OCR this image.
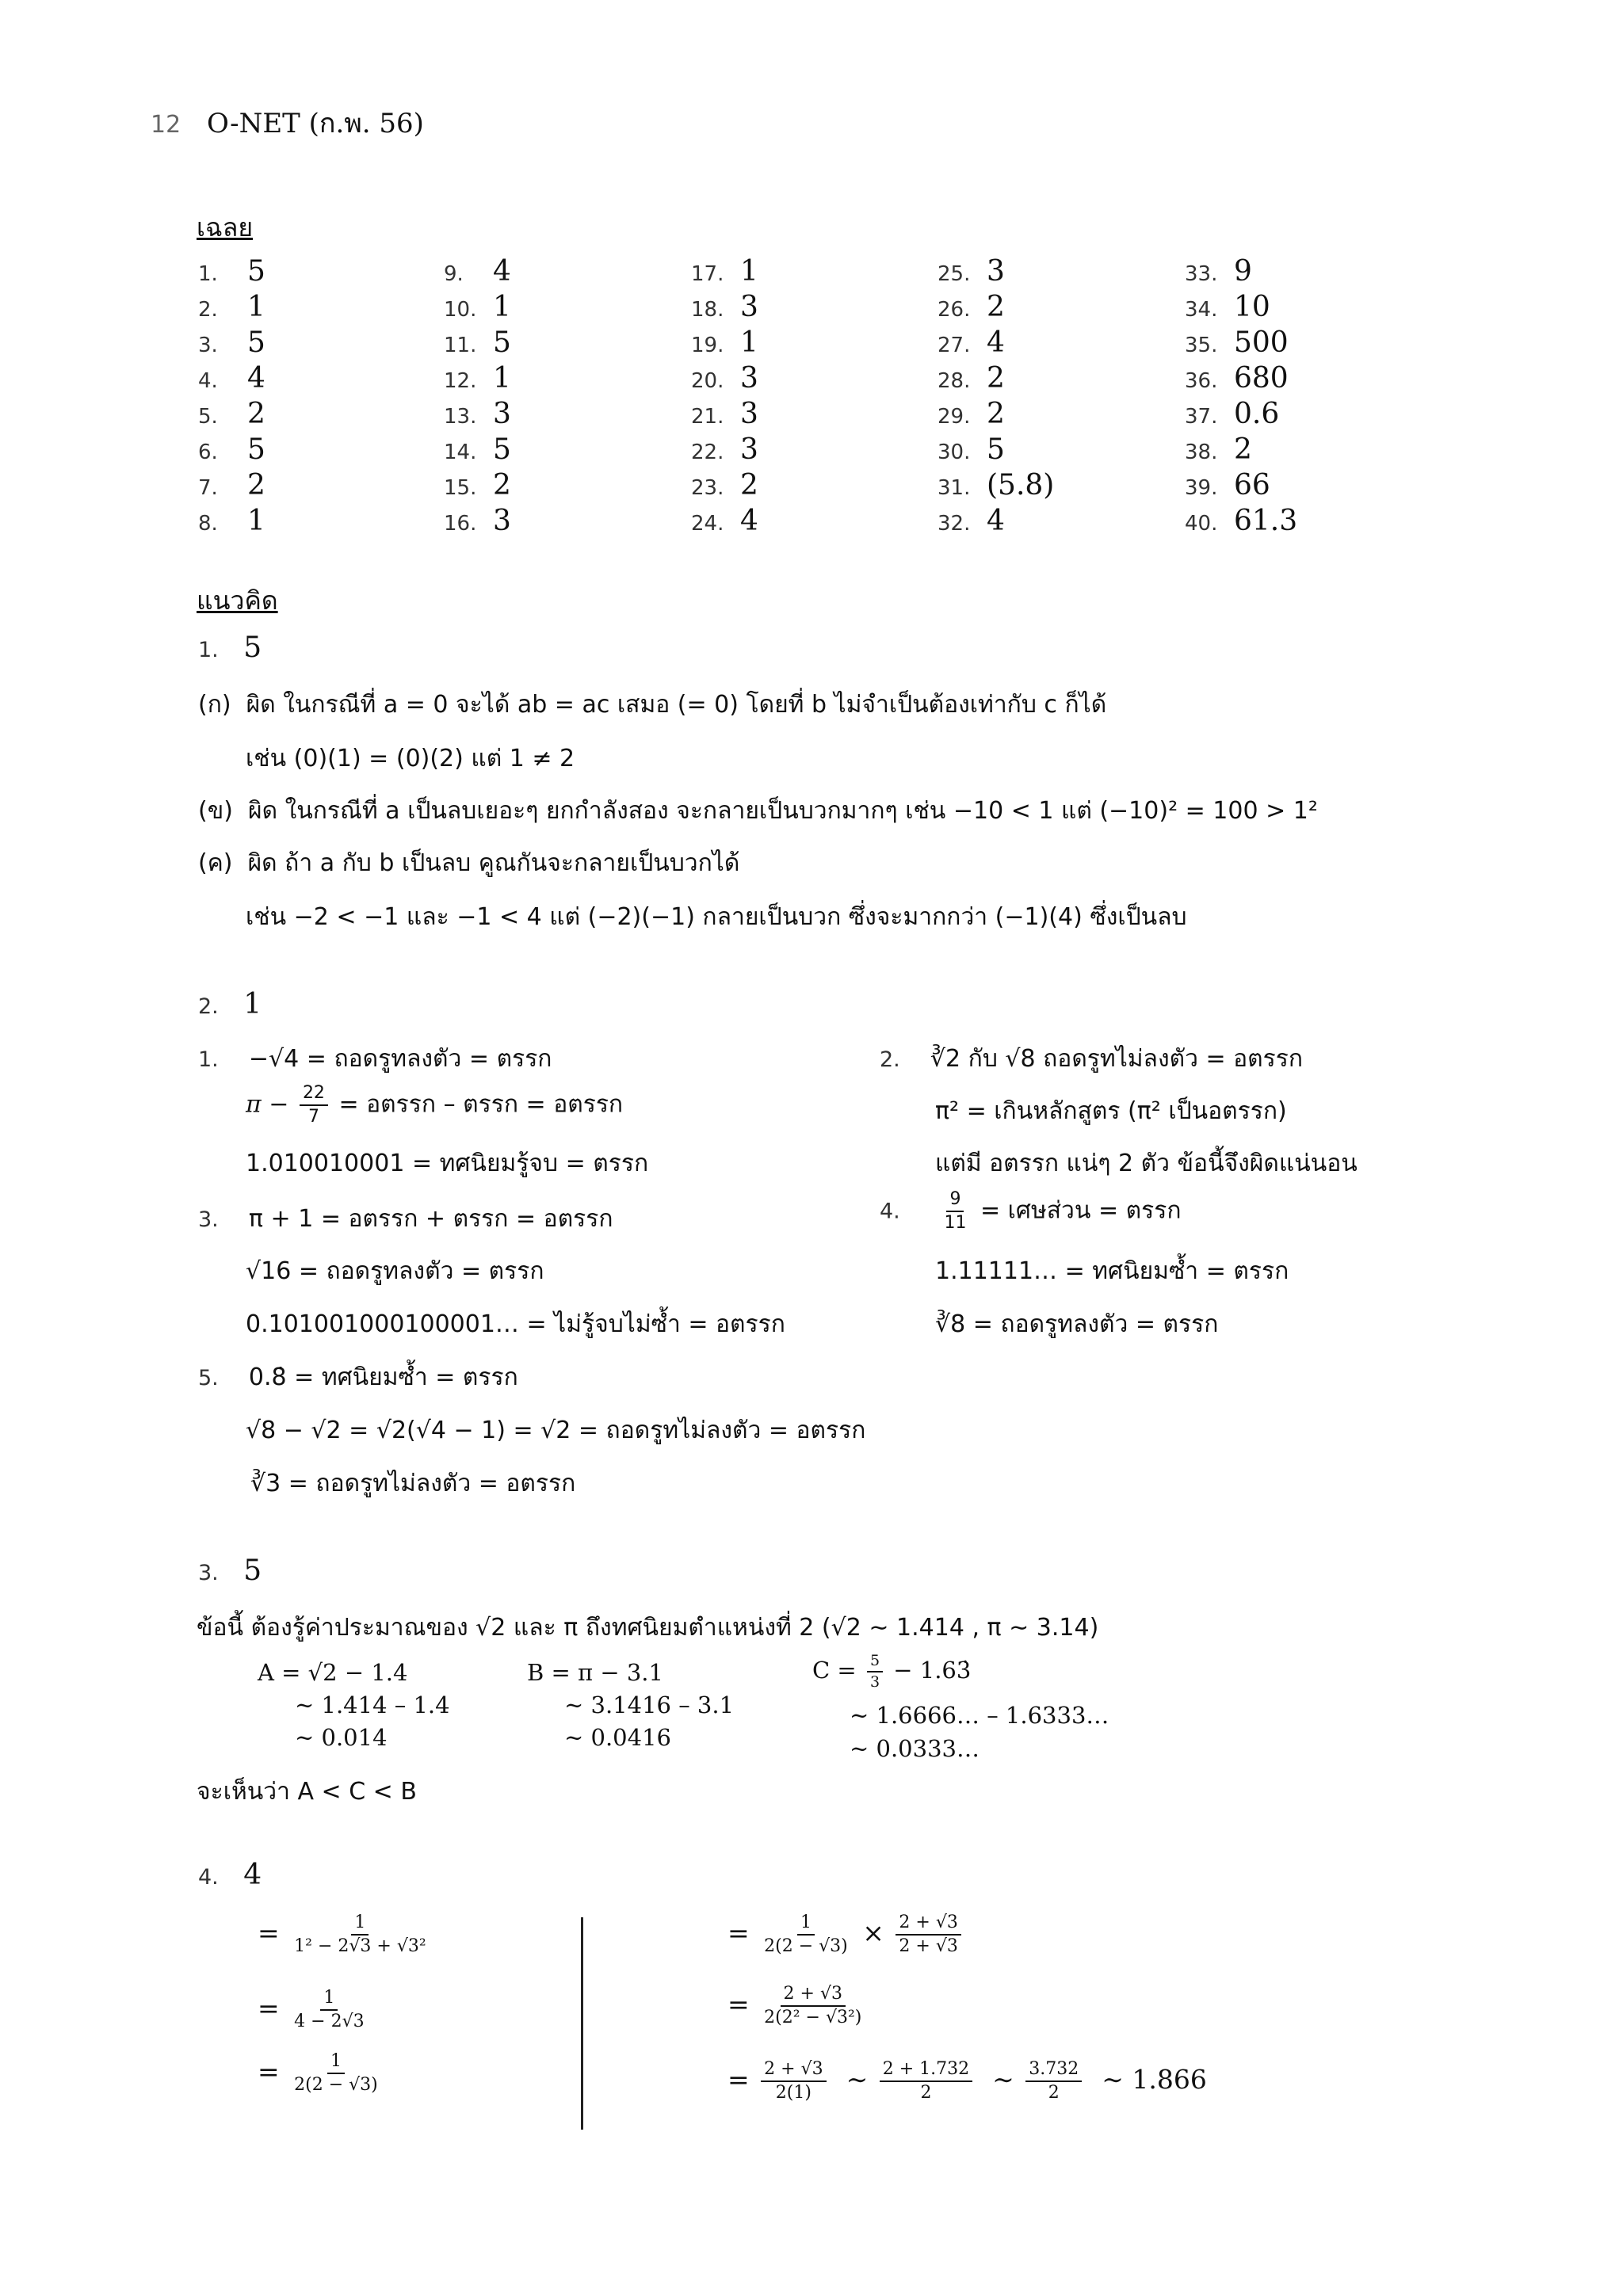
12 O-NET (ก.พ. 56)
เฉลย
1. 5
2. 1
3. 5
4. 4
5. 2
6. 5
7. 2
8. 1
9. 4
10. 1
11. 5
12. 1
13. 3
14. 5
15. 2
16. 3
17. 1
18. 3
19. 1
20. 3
21. 3
22. 3
23. 2
24. 4
25. 3
26. 2
27. 4
28. 2
29. 2
30. 5
31. (5.8)
32. 4
33. 9
34. 10
35. 500
36. 680
37. 0.6
38. 2
39. 66
40. 61.3
แนวคิด
1. 5
(ก) ผิด ในกรณีที่ a = 0 จะได้ ab = ac เสมอ (= 0) โดยที่ b ไม่จำเป็นต้องเท่ากับ c ก็ได้
เช่น (0)(1) = (0)(2) แต่ 1 ≠ 2
(ข) ผิด ในกรณีที่ a เป็นลบเยอะๆ ยกกำลังสอง จะกลายเป็นบวกมากๆ เช่น −10 < 1 แต่ (−10)² = 100 > 1²
(ค) ผิด ถ้า a กับ b เป็นลบ คูณกันจะกลายเป็นบวกได้
เช่น −2 < −1 และ −1 < 4 แต่ (−2)(−1) กลายเป็นบวก ซึ่งจะมากกว่า (−1)(4) ซึ่งเป็นลบ
2. 1
1. −√4 = ถอดรูทลงตัว = ตรรก
$\pi - \frac{22}{7}$ = อตรรก – ตรรก = อตรรก
1.010010001 = ทศนิยมรู้จบ = ตรรก
2. ∛2 กับ √8 ถอดรูทไม่ลงตัว = อตรรก
π² = เกินหลักสูตร (π² เป็นอตรรก)
แต่มี อตรรก แน่ๆ 2 ตัว ข้อนี้จึงผิดแน่นอน
3. π + 1 = อตรรก + ตรรก = อตรรก
√16 = ถอดรูทลงตัว = ตรรก
0.101001000100001… = ไม่รู้จบไม่ซ้ำ = อตรรก
4. $\frac{9}{11}$ = เศษส่วน = ตรรก
1.11111… = ทศนิยมซ้ำ = ตรรก
∛8 = ถอดรูทลงตัว = ตรรก
5. 0.8̇ = ทศนิยมซ้ำ = ตรรก
√8 − √2 = √2(√4 − 1) = √2 = ถอดรูทไม่ลงตัว = อตรรก
∛3 = ถอดรูทไม่ลงตัว = อตรรก
3. 5
ข้อนี้ ต้องรู้ค่าประมาณของ √2 และ π ถึงทศนิยมตำแหน่งที่ 2 (√2 ∼ 1.414 , π ∼ 3.14)
A = √2 − 1.4
∼ 1.414 – 1.4
∼ 0.014
B = π − 3.1
∼ 3.1416 – 3.1
∼ 0.0416
$C = \frac{5}{3}$ − 1.63̇
∼ 1.6666… – 1.6333…
∼ 0.0333…
จะเห็นว่า A < C < B
4. 4
= $\frac{1}{\text{1² − 2√3 + √3²}}$
= $\frac{1}{4 - 2√3}$
= $\frac{1}{2(2 - √3)}$
= $\frac{1}{2(2 - √3)} \times \frac{2 + √3}{2 + √3}$
= $\frac{2 + √3}{\text{2(2² − √3²)}}$
= $\frac{2 + √3}{2(1)}$ ∼ $\frac{2 + 1.732}{2}$ ∼ $\frac{3.732}{2}$ ∼ 1.866
